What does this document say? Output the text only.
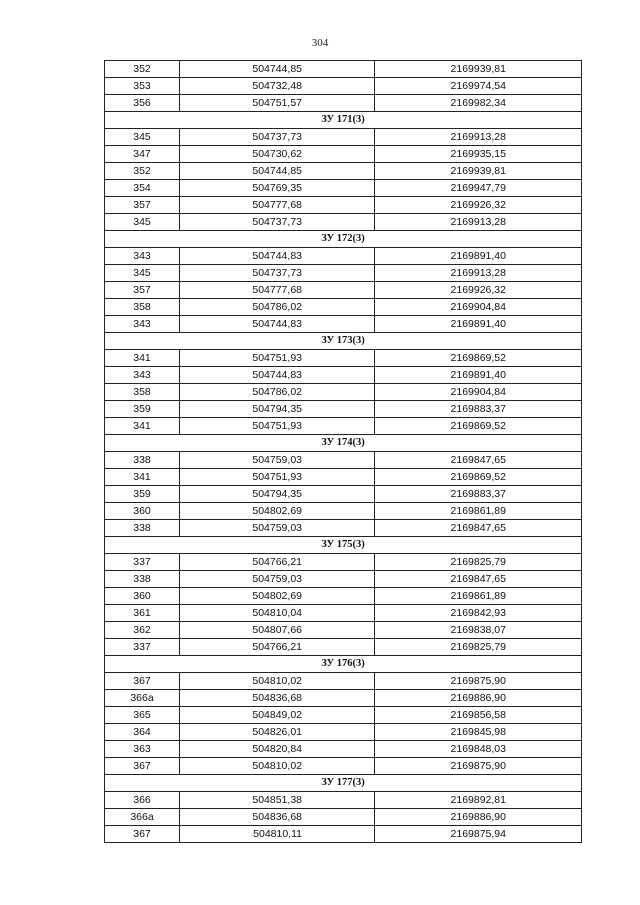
304
352	504744,85	2169939,81
353	504732,48	2169974,54
356	504751,57	2169982,34
ЗУ 171(3)		
345	504737,73	2169913,28
347	504730,62	2169935,15
352	504744,85	2169939,81
354	504769,35	2169947,79
357	504777,68	2169926,32
345	504737,73	2169913,28
ЗУ 172(3)		
343	504744,83	2169891,40
345	504737,73	2169913,28
357	504777,68	2169926,32
358	504786,02	2169904,84
343	504744,83	2169891,40
ЗУ 173(3)		
341	504751,93	2169869,52
343	504744,83	2169891,40
358	504786,02	2169904,84
359	504794,35	2169883,37
341	504751,93	2169869,52
ЗУ 174(3)		
338	504759,03	2169847,65
341	504751,93	2169869,52
359	504794,35	2169883,37
360	504802,69	2169861,89
338	504759,03	2169847,65
ЗУ 175(3)		
337	504766,21	2169825,79
338	504759,03	2169847,65
360	504802,69	2169861,89
361	504810,04	2169842,93
362	504807,66	2169838,07
337	504766,21	2169825,79
ЗУ 176(3)		
367	504810,02	2169875,90
366а	504836,68	2169886,90
365	504849,02	2169856,58
364	504826,01	2169845,98
363	504820,84	2169848,03
367	504810,02	2169875,90
ЗУ 177(3)		
366	504851,38	2169892,81
366а	504836,68	2169886,90
367	504810,11	2169875,94
